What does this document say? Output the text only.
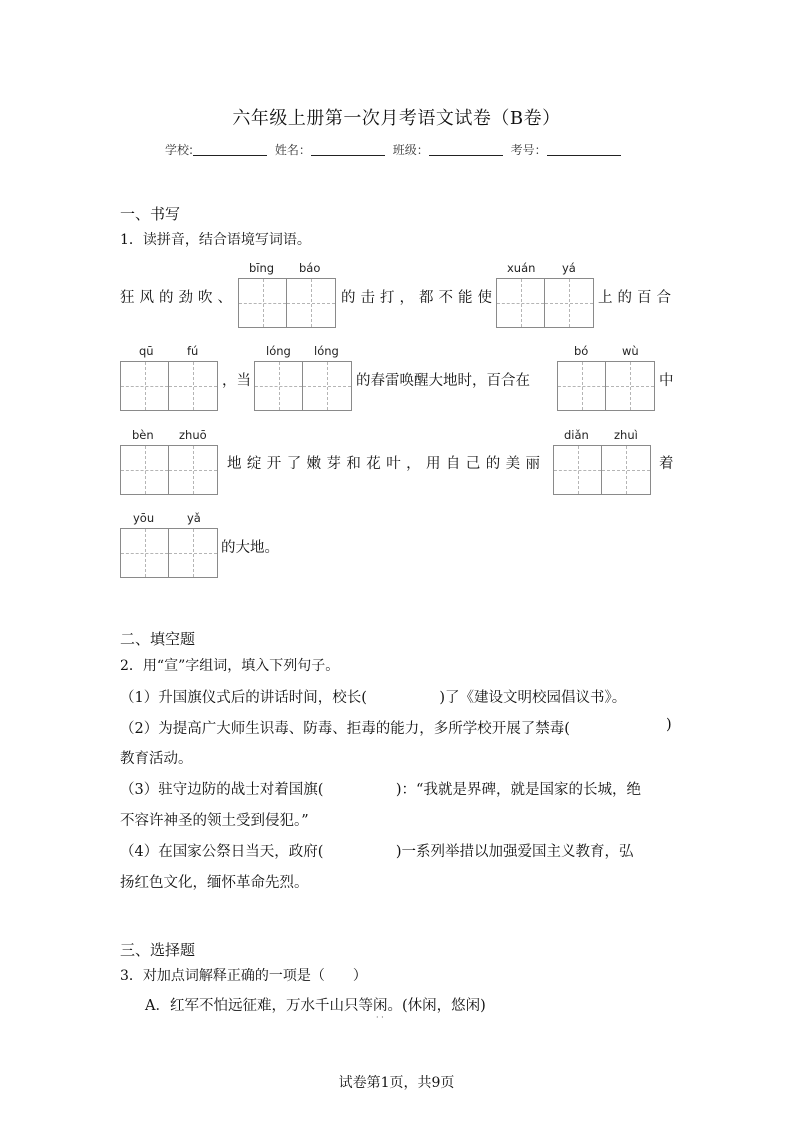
六年级上册第一次月考语文试卷（B卷）
学校:	姓名：	班级：	考号：
一、书写
1．读拼音，结合语境写词语。
bīng báo	xuán yá
狂风的劲吹、	的击打，都不能使	上的百合
qū	fú	lóng lóng	bó	wù
，当	的春雷唤醒大地时，百合在	中
bèn zhuō	diǎn zhuì
地绽开了嫩芽和花叶，用自己的美丽	着
yōu	yǎ
的大地。
二、填空题
2．用“宣”字组词，填入下列句子。
（1）升国旗仪式后的讲话时间，校长(　　　　　)了《建设文明校园倡议书》。
（2）为提高广大师生识毒、防毒、拒毒的能力，多所学校开展了禁毒(	)
教育活动。
（3）驻守边防的战士对着国旗(　　　　　)：“我就是界碑，就是国家的长城，绝
不容许神圣的领土受到侵犯。”
（4）在国家公祭日当天，政府(　　　　　)一系列举措以加强爱国主义教育，弘
扬红色文化，缅怀革命先烈。
三、选择题
3．对加点词解释正确的一项是（　　）
A．红军不怕远征难，万水千山只等闲。(休闲，悠闲)
· ·
试卷第1页，共9页
